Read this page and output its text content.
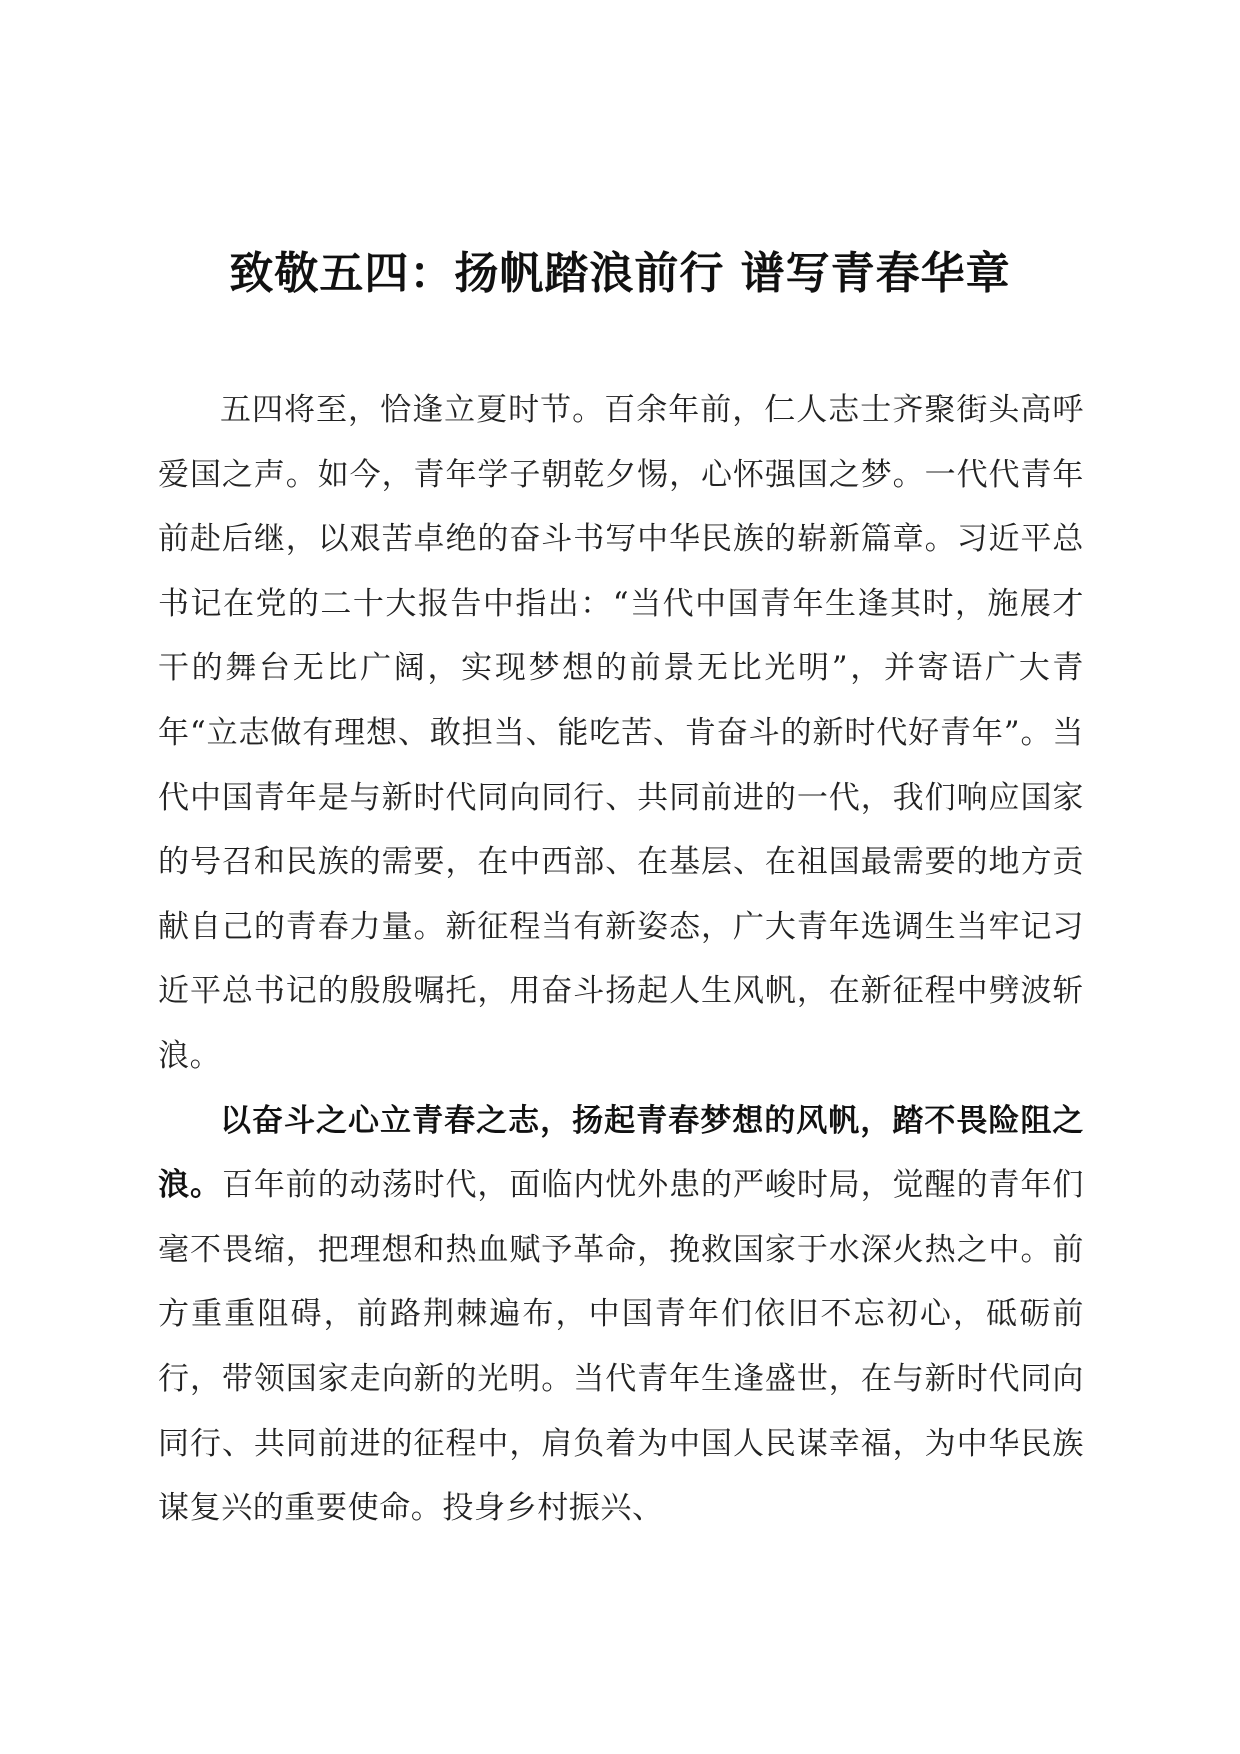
致敬五四：扬帆踏浪前行 谱写青春华章

五四将至，恰逢立夏时节。百余年前，仁人志士齐聚街头高呼爱国之声。如今，青年学子朝乾夕惕，心怀强国之梦。一代代青年前赴后继，以艰苦卓绝的奋斗书写中华民族的崭新篇章。习近平总书记在党的二十大报告中指出：“当代中国青年生逢其时，施展才干的舞台无比广阔，实现梦想的前景无比光明”，并寄语广大青年“立志做有理想、敢担当、能吃苦、肯奋斗的新时代好青年”。当代中国青年是与新时代同向同行、共同前进的一代，我们响应国家的号召和民族的需要，在中西部、在基层、在祖国最需要的地方贡献自己的青春力量。新征程当有新姿态，广大青年选调生当牢记习近平总书记的殷殷嘱托，用奋斗扬起人生风帆，在新征程中劈波斩浪。

以奋斗之心立青春之志，扬起青春梦想的风帆，踏不畏险阻之浪。百年前的动荡时代，面临内忧外患的严峻时局，觉醒的青年们毫不畏缩，把理想和热血赋予革命，挽救国家于水深火热之中。前方重重阻碍，前路荆棘遍布，中国青年们依旧不忘初心，砥砺前行，带领国家走向新的光明。当代青年生逢盛世，在与新时代同向同行、共同前进的征程中，肩负着为中国人民谋幸福，为中华民族谋复兴的重要使命。投身乡村振兴、
